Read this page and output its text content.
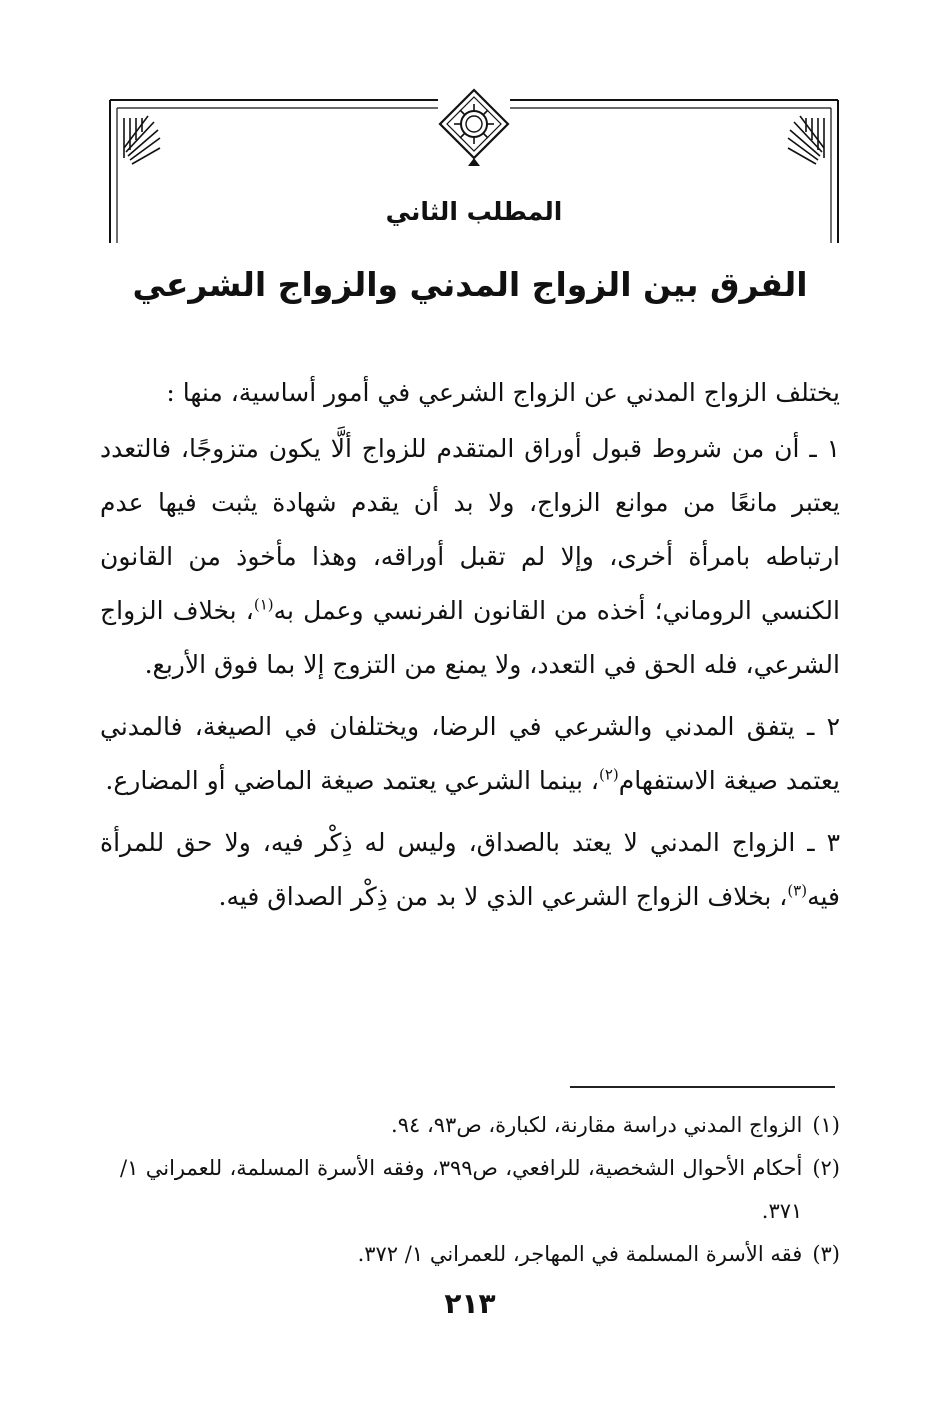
المطلب الثاني
الفرق بين الزواج المدني والزواج الشرعي

يختلف الزواج المدني عن الزواج الشرعي في أمور أساسية، منها :

١ ـ أن من شروط قبول أوراق المتقدم للزواج ألَّا يكون متزوجًا، فالتعدد يعتبر مانعًا من موانع الزواج، ولا بد أن يقدم شهادة يثبت فيها عدم ارتباطه بامرأة أخرى، وإلا لم تقبل أوراقه، وهذا مأخوذ من القانون الكنسي الروماني؛ أخذه من القانون الفرنسي وعمل به$^{(١)}$، بخلاف الزواج الشرعي، فله الحق في التعدد، ولا يمنع من التزوج إلا بما فوق الأربع.

٢ ـ يتفق المدني والشرعي في الرضا، ويختلفان في الصيغة، فالمدني يعتمد صيغة الاستفهام$^{(٢)}$، بينما الشرعي يعتمد صيغة الماضي أو المضارع.

٣ ـ الزواج المدني لا يعتد بالصداق، وليس له ذِكْر فيه، ولا حق للمرأة فيه$^{(٣)}$، بخلاف الزواج الشرعي الذي لا بد من ذِكْر الصداق فيه.

(١)
الزواج المدني دراسة مقارنة، لكبارة، ص٩٣، ٩٤.
(٢)
أحكام الأحوال الشخصية، للرافعي، ص٣٩٩، وفقه الأسرة المسلمة، للعمراني ١/ ٣٧١.
(٣)
فقه الأسرة المسلمة في المهاجر، للعمراني ١/ ٣٧٢.
٢١٣
